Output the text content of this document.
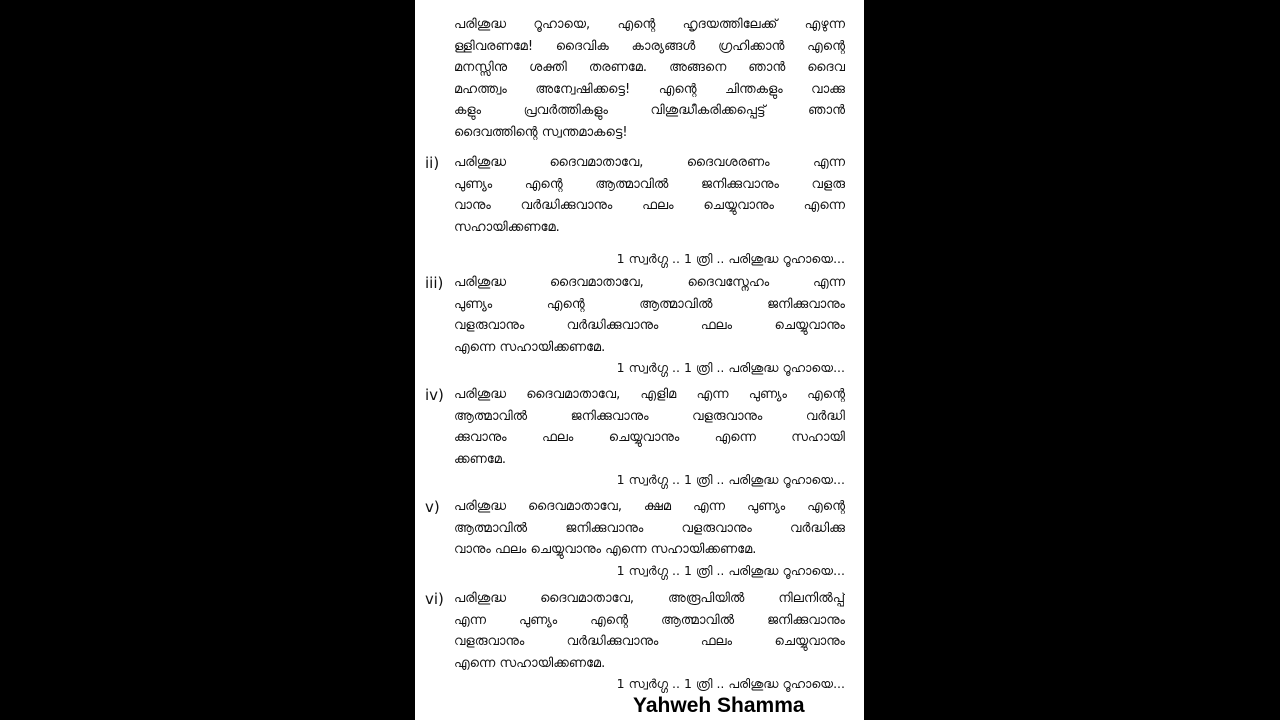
പരിശുദ്ധ റൂഹായെ, എന്റെ ഹൃദയത്തിലേക്ക് എഴുന്ന
ള്ളിവരണമേ! ദൈവിക കാര്യങ്ങൾ ഗ്രഹിക്കാൻ എന്റെ
മനസ്സിനു ശക്തി തരണമേ. അങ്ങനെ ഞാൻ ദൈവ
മഹത്ത്വം അന്വേഷിക്കട്ടെ! എന്റെ ചിന്തകളും വാക്കു
കളും പ്രവർത്തികളും വിശുദ്ധീകരിക്കപ്പെട്ട് ഞാൻ
ദൈവത്തിന്റെ സ്വന്തമാകട്ടെ!
ii) പരിശുദ്ധ ദൈവമാതാവേ, ദൈവശരണം എന്ന
പുണ്യം എന്റെ ആത്മാവിൽ ജനിക്കുവാനും വളരു
വാനും വർദ്ധിക്കുവാനും ഫലം ചെയ്യുവാനും എന്നെ
സഹായിക്കണമേ.
1 സ്വർഗ്ഗ .. 1 ത്രി .. പരിശുദ്ധ റൂഹായെ...
iii) പരിശുദ്ധ ദൈവമാതാവേ, ദൈവസ്നേഹം എന്ന
പുണ്യം എന്റെ ആത്മാവിൽ ജനിക്കുവാനും
വളരുവാനും വർദ്ധിക്കുവാനും ഫലം ചെയ്യുവാനും
എന്നെ സഹായിക്കണമേ.
1 സ്വർഗ്ഗ .. 1 ത്രി .. പരിശുദ്ധ റൂഹായെ...
iv) പരിശുദ്ധ ദൈവമാതാവേ, എളിമ എന്ന പുണ്യം എന്റെ
ആത്മാവിൽ ജനിക്കുവാനും വളരുവാനും വർദ്ധി
ക്കുവാനും ഫലം ചെയ്യുവാനും എന്നെ സഹായി
ക്കണമേ.
1 സ്വർഗ്ഗ .. 1 ത്രി .. പരിശുദ്ധ റൂഹായെ...
v) പരിശുദ്ധ ദൈവമാതാവേ, ക്ഷമ എന്ന പുണ്യം എന്റെ
ആത്മാവിൽ ജനിക്കുവാനും വളരുവാനും വർദ്ധിക്കു
വാനും ഫലം ചെയ്യുവാനും എന്നെ സഹായിക്കണമേ.
1 സ്വർഗ്ഗ .. 1 ത്രി .. പരിശുദ്ധ റൂഹായെ...
vi) പരിശുദ്ധ ദൈവമാതാവേ, അരൂപിയിൽ നിലനിൽപ്പ്
എന്ന പുണ്യം എന്റെ ആത്മാവിൽ ജനിക്കുവാനും
വളരുവാനും വർദ്ധിക്കുവാനും ഫലം ചെയ്യുവാനും
എന്നെ സഹായിക്കണമേ.
1 സ്വർഗ്ഗ .. 1 ത്രി .. പരിശുദ്ധ റൂഹായെ...
Yahweh Shamma
